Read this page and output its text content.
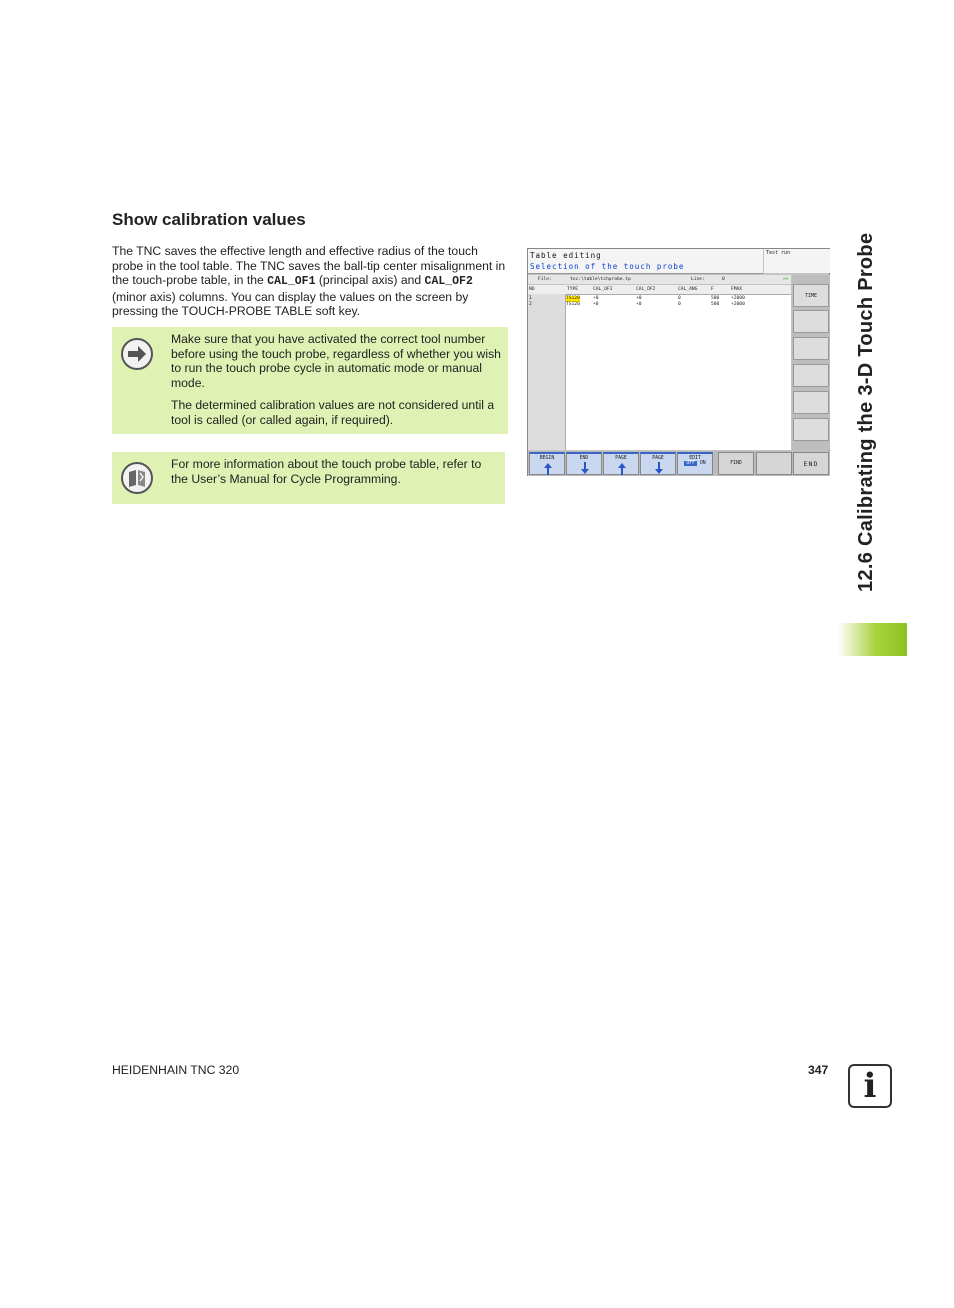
Show calibration values
The TNC saves the effective length and effective radius of the touch probe in the tool table. The TNC saves the ball-tip center misalignment in the touch-probe table, in the CAL_OF1 (principal axis) and CAL_OF2 (minor axis) columns. You can display the values on the screen by pressing the TOUCH-PROBE TABLE soft key.

Make sure that you have activated the correct tool number before using the touch probe, regardless of whether you wish to run the touch probe cycle in automatic mode or manual mode.

The determined calibration values are not considered until a tool is called (or called again, if required).

For more information about the touch probe table, refer to the User’s Manual for Cycle Programming.

Table editing
Selection of the touch probe
Test run
File:	tnc:\table\tchprobe.tp	Line:	0	>>
NO	TYPE	CAL_OF1	CAL_OF2	CAL_ANG	F	FMAX
1	TS120	+0	+0	0	500	+2000
2	TS120	+0	+0	0	500	+2000
TIME
BEGIN	END	PAGE	PAGE	EDIT
OFF ON	FIND	END	12.6 Calibrating the 3-D Touch Probe
HEIDENHAIN TNC 320	347	i
